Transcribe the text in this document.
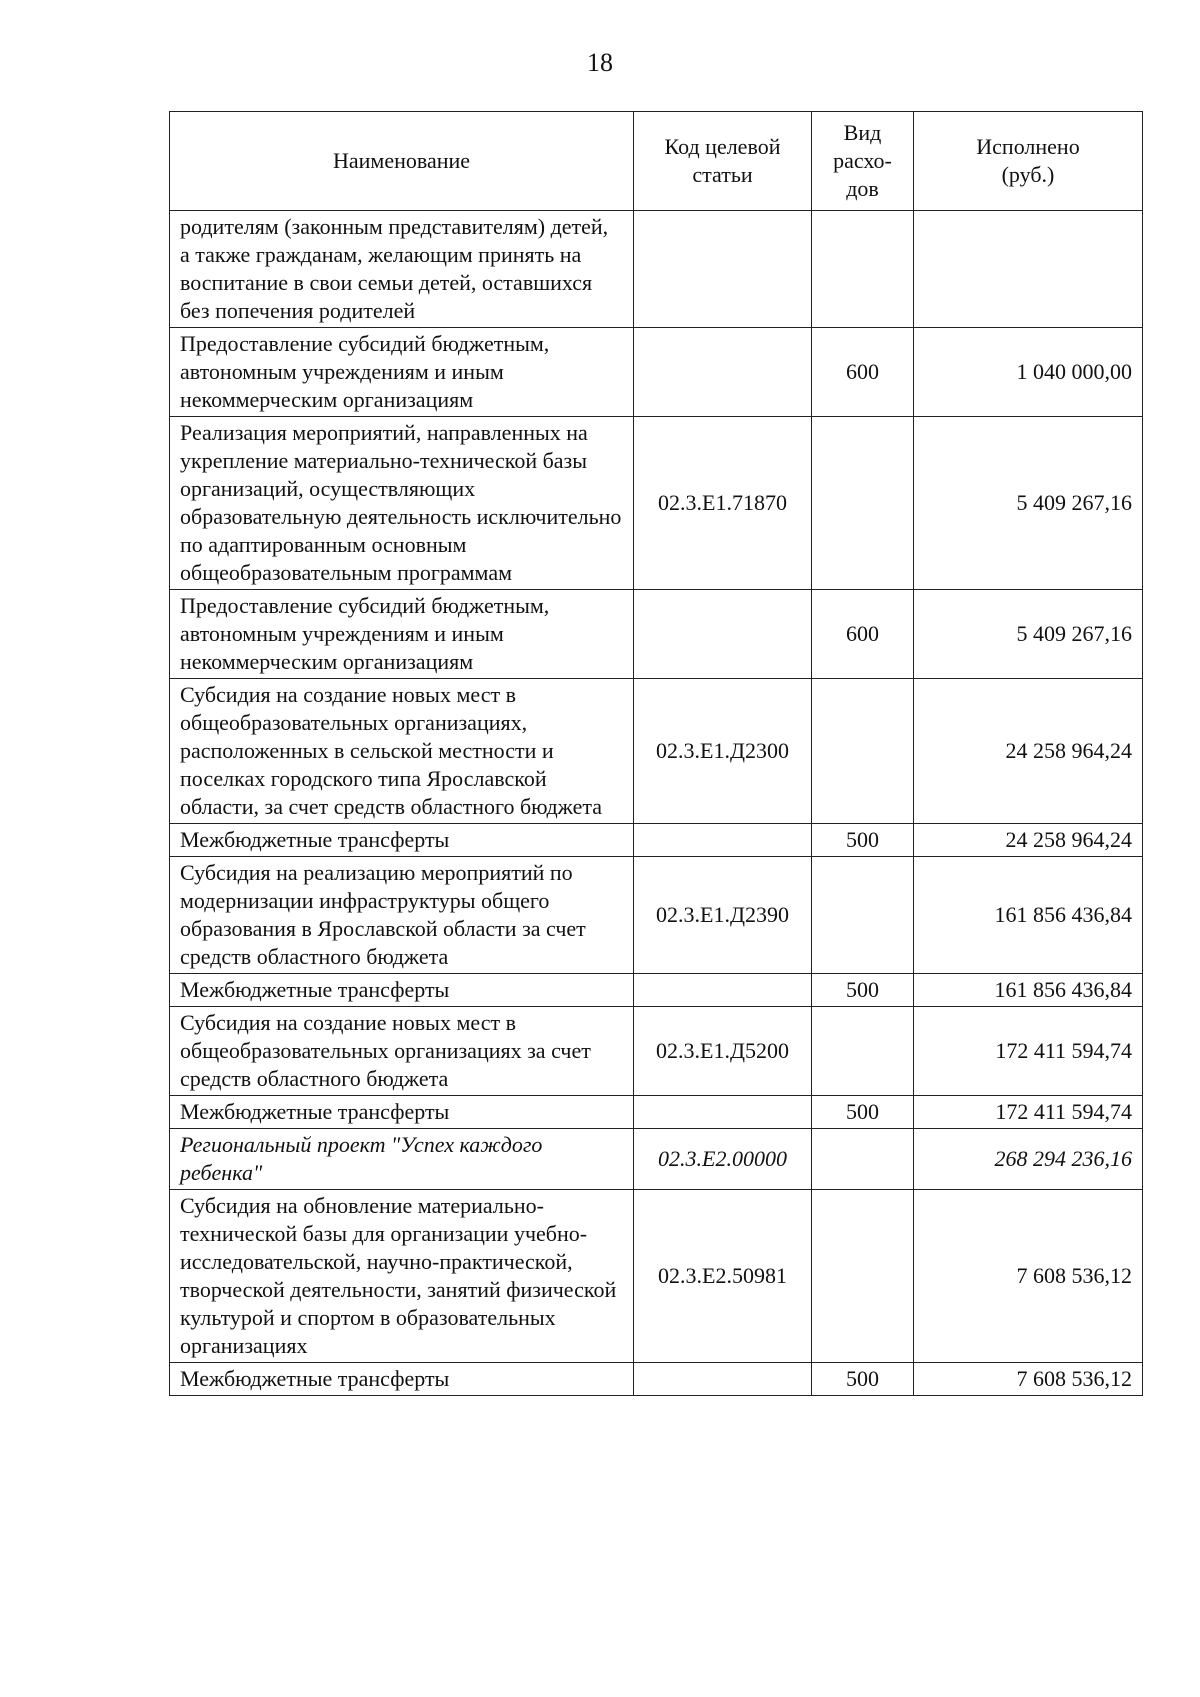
18
Наименование	Код целевой статьи	Вид расхо-дов	Исполнено (руб.)
родителям (законным представителям) детей, а также гражданам, желающим принять на воспитание в свои семьи детей, оставшихся без попечения родителей			
Предоставление субсидий бюджетным, автономным учреждениям и иным некоммерческим организациям		600	1 040 000,00
Реализация мероприятий, направленных на укрепление материально-технической базы организаций, осуществляющих образовательную деятельность исключительно по адаптированным основным общеобразовательным программам	02.3.E1.71870		5 409 267,16
Предоставление субсидий бюджетным, автономным учреждениям и иным некоммерческим организациям		600	5 409 267,16
Субсидия на создание новых мест в общеобразовательных организациях, расположенных в сельской местности и поселках городского типа Ярославской области, за счет средств областного бюджета	02.3.E1.Д2300		24 258 964,24
Межбюджетные трансферты		500	24 258 964,24
Субсидия на реализацию мероприятий по модернизации инфраструктуры общего образования в Ярославской области за счет средств областного бюджета	02.3.E1.Д2390		161 856 436,84
Межбюджетные трансферты		500	161 856 436,84
Субсидия на создание новых мест в общеобразовательных организациях за счет средств областного бюджета	02.3.E1.Д5200		172 411 594,74
Межбюджетные трансферты		500	172 411 594,74
Региональный проект "Успех каждого ребенка"	02.3.E2.00000		268 294 236,16
Субсидия на обновление материально-технической базы для организации учебно-исследовательской, научно-практической, творческой деятельности, занятий физической культурой и спортом в образовательных организациях	02.3.E2.50981		7 608 536,12
Межбюджетные трансферты		500	7 608 536,12
